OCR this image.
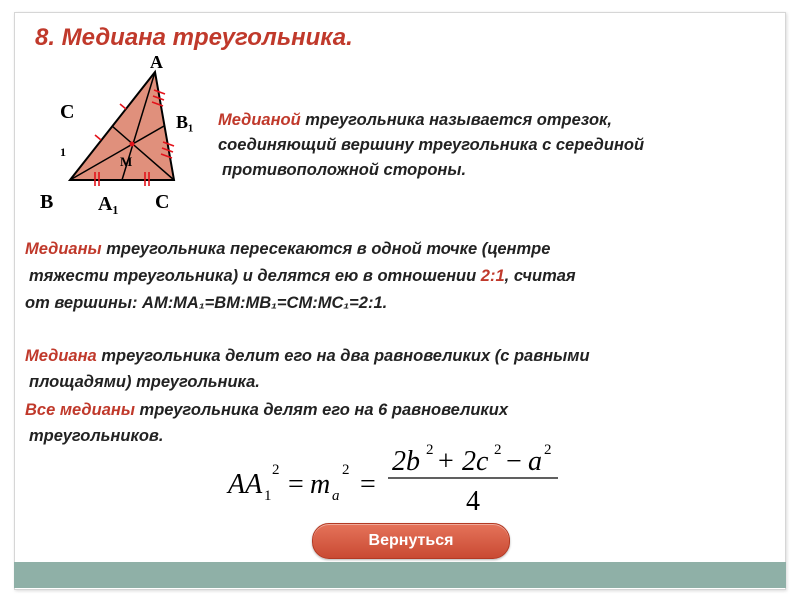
8. Медиана треугольника.
A
B₁
C
1
M
B A₁ C
Медианой треугольника называется отрезок,
соединяющий вершину треугольника с серединой
противоположной стороны.
Медианы треугольника пересекаются в одной точке (центре
тяжести треугольника) и делятся ею в отношении 2:1, считая
от вершины: AM:MA₁=BM:MB₁=CM:MC₁=2:1.
Медиана треугольника делит его на два равновеликих (с равными
площадями) треугольника.
Все медианы треугольника делят его на 6 равновеликих
треугольников.
AA 1
2 = m a
2 =
2b 2 + 2c 2 − a 2
4
Вернуться
